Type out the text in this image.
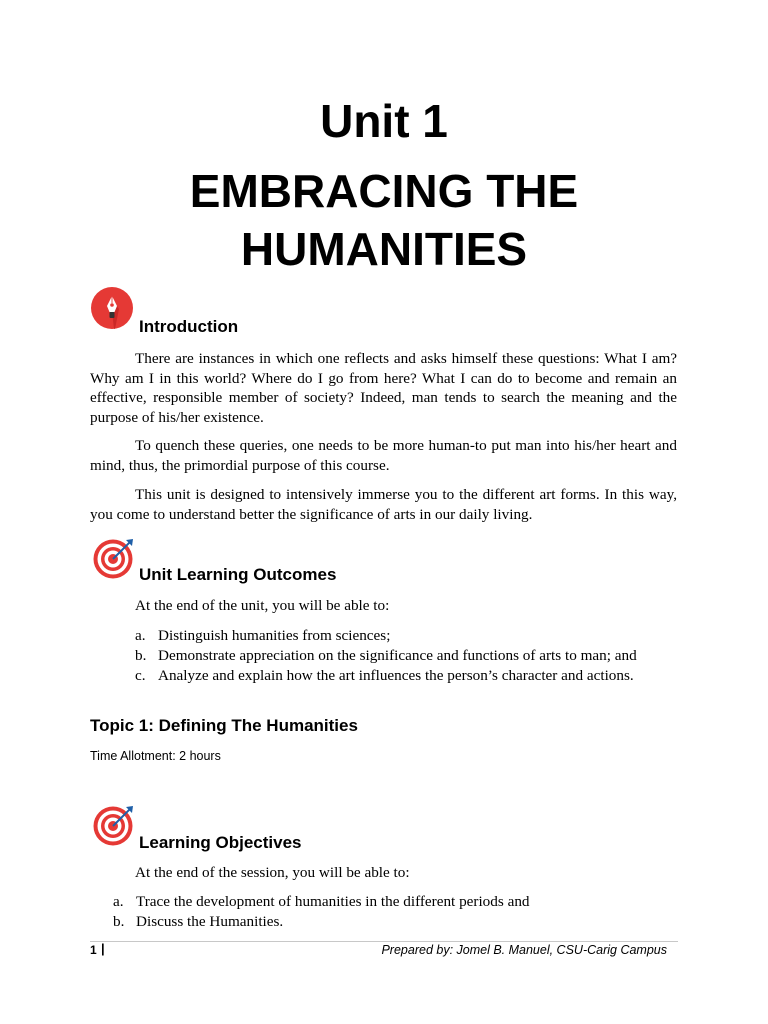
Unit 1
EMBRACING THE HUMANITIES
Introduction
There are instances in which one reflects and asks himself these questions: What I am? Why am I in this world? Where do I go from here? What I can do to become and remain an effective, responsible member of society? Indeed, man tends to search the meaning and the purpose of his/her existence.
To quench these queries, one needs to be more human-to put man into his/her heart and mind, thus, the primordial purpose of this course.
This unit is designed to intensively immerse you to the different art forms. In this way, you come to understand better the significance of arts in our daily living.
Unit Learning Outcomes
At the end of the unit, you will be able to:
a. Distinguish humanities from sciences;
b. Demonstrate appreciation on the significance and functions of arts to man; and
c. Analyze and explain how the art influences the person’s character and actions.
Topic 1: Defining The Humanities
Time Allotment: 2 hours
Learning Objectives
At the end of the session, you will be able to:
a. Trace the development of humanities in the different periods and
b. Discuss the Humanities.
1 |	Prepared by: Jomel B. Manuel, CSU-Carig Campus
